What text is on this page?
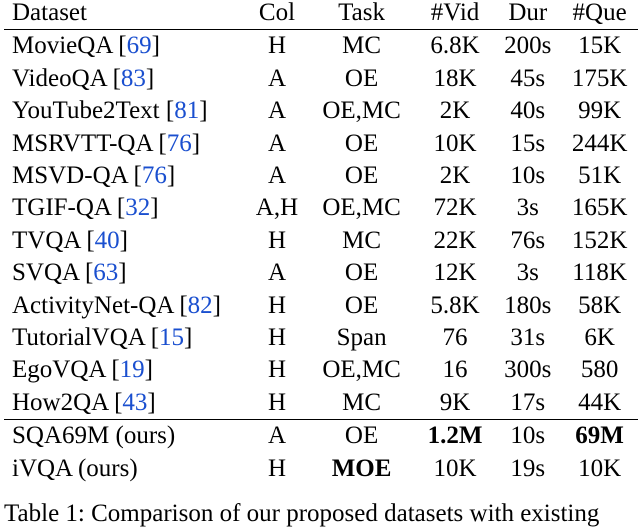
Dataset	Col	Task	#Vid	Dur	#Que
MovieQA [69]	H	MC	6.8K	200s	15K
VideoQA [83]	A	OE	18K	45s	175K
YouTube2Text [81]	A	OE,MC	2K	40s	99K
MSRVTT-QA [76]	A	OE	10K	15s	244K
MSVD-QA [76]	A	OE	2K	10s	51K
TGIF-QA [32]	A,H	OE,MC	72K	3s	165K
TVQA [40]	H	MC	22K	76s	152K
SVQA [63]	A	OE	12K	3s	118K
ActivityNet-QA [82]	H	OE	5.8K	180s	58K
TutorialVQA [15]	H	Span	76	31s	6K
EgoVQA [19]	H	OE,MC	16	300s	580
How2QA [43]	H	MC	9K	17s	44K
SQA69M (ours)	A	OE	1.2M	10s	69M
iVQA (ours)	H	MOE	10K	19s	10K
Table 1: Comparison of our proposed datasets with existing
